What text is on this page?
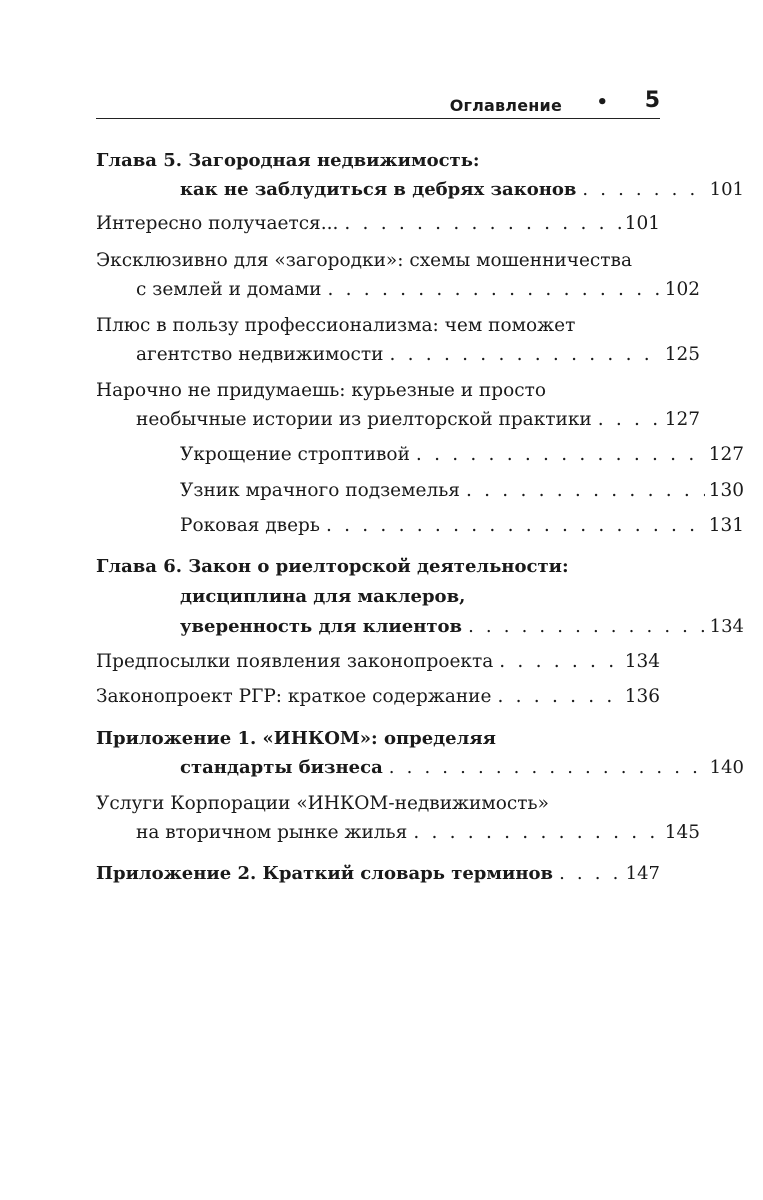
Оглавление • 5
Глава 5. Загородная недвижимость:
как не заблудиться в дебрях законов . . .	101
Интересно получается... . . .	101
Эксклюзивно для «загородки»: схемы мошенничества
с землей и домами . . .	102
Плюс в пользу профессионализма: чем поможет
агентство недвижимости . . .	125
Нарочно не придумаешь: курьезные и просто
необычные истории из риелторской практики . . .	127
Укрощение строптивой . . .	127
Узник мрачного подземелья . . .	130
Роковая дверь . . .	131
Глава 6. Закон о риелторской деятельности:
дисциплина для маклеров,
уверенность для клиентов . . .	134
Предпосылки появления законопроекта . . .	134
Законопроект РГР: краткое содержание . . .	136
Приложение 1. «ИНКОМ»: определяя
стандарты бизнеса . . .	140
Услуги Корпорации «ИНКОМ-недвижимость»
на вторичном рынке жилья . . .	145
Приложение 2. Краткий словарь терминов . . .	147
